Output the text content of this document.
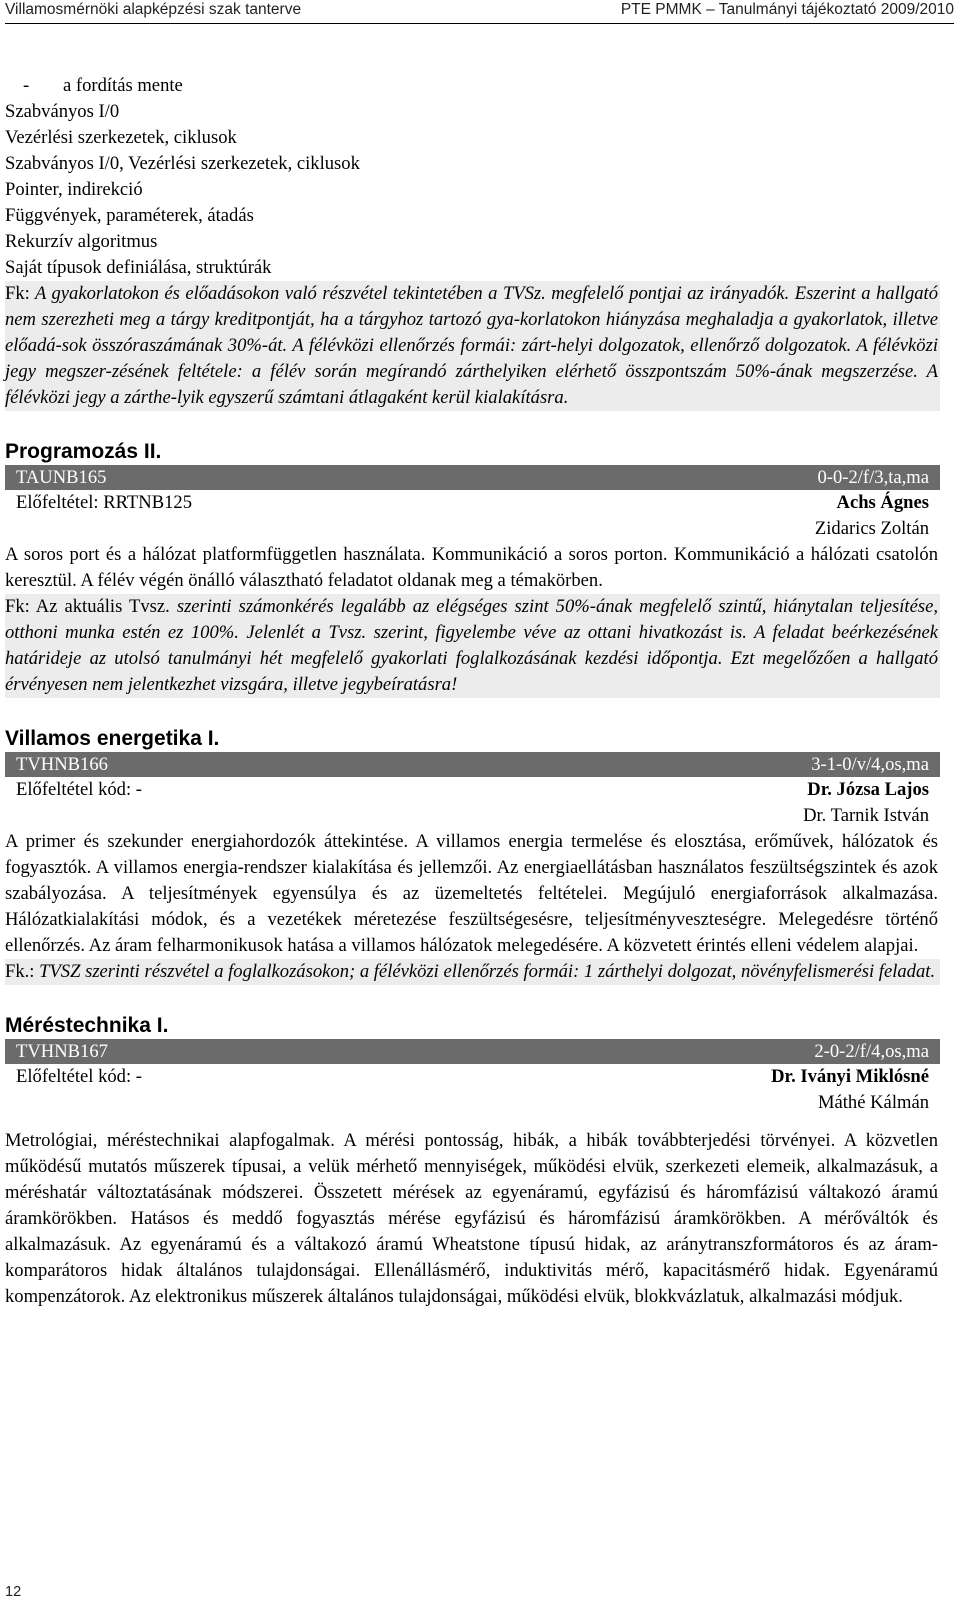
Villamosmérnöki alapképzési szak tanterve	PTE PMMK – Tanulmányi tájékoztató 2009/2010
- a fordítás mente
Szabványos I/0
Vezérlési szerkezetek, ciklusok
Szabványos I/0, Vezérlési szerkezetek, ciklusok
Pointer, indirekció
Függvények, paraméterek, átadás
Rekurzív algoritmus
Saját típusok definiálása, struktúrák
Fk: A gyakorlatokon és előadásokon való részvétel tekintetében a TVSz. megfelelő pontjai az irányadók. Eszerint a hallgató nem szerezheti meg a tárgy kreditpontját, ha a tárgyhoz tartozó gya-korlatokon hiányzása meghaladja a gyakorlatok, illetve előadá-sok összóraszámának 30%-át. A félévközi ellenőrzés formái: zárt-helyi dolgozatok, ellenőrző dolgozatok. A félévközi jegy megszer-zésének feltétele: a félév során megírandó zárthelyiken elérhető összpontszám 50%-ának megszerzése. A félévközi jegy a zárthe-lyik egyszerű számtani átlagaként kerül kialakításra.
Programozás II.
TAUNB165	0-0-2/f/3,ta,ma
Előfeltétel: RRTNB125	Achs Ágnes
Zidarics Zoltán
A soros port és a hálózat platformfüggetlen használata. Kommunikáció a soros porton. Kommunikáció a hálózati csatolón keresztül. A félév végén önálló választható feladatot oldanak meg a témakörben.
Fk: Az aktuális Tvsz. szerinti számonkérés legalább az elégséges szint 50%-ának megfelelő szintű, hiánytalan teljesítése, otthoni munka estén ez 100%. Jelenlét a Tvsz. szerint, figyelembe véve az ottani hivatkozást is. A feladat beérkezésének határideje az utolsó tanulmányi hét megfelelő gyakorlati foglalkozásának kezdési időpontja. Ezt megelőzően a hallgató érvényesen nem jelentkezhet vizsgára, illetve jegybeíratásra!
Villamos energetika I.
TVHNB166	3-1-0/v/4,os,ma
Előfeltétel kód: -	Dr. Józsa Lajos
Dr. Tarnik István
A primer és szekunder energiahordozók áttekintése. A villamos energia termelése és elosztása, erőművek, hálózatok és fogyasztók. A villamos energia-rendszer kialakítása és jellemzői. Az energiaellátásban használatos feszültségszintek és azok szabályozása. A teljesítmények egyensúlya és az üzemeltetés feltételei. Megújuló energiaforrások alkalmazása. Hálózatkialakítási módok, és a vezetékek méretezése feszültségesésre, teljesítményveszteségre. Melegedésre történő ellenőrzés. Az áram felharmonikusok hatása a villamos hálózatok melegedésére. A közvetett érintés elleni védelem alapjai.
Fk.: TVSZ szerinti részvétel a foglalkozásokon; a félévközi ellenőrzés formái: 1 zárthelyi dolgozat, növényfelismerési feladat.
Méréstechnika I.
TVHNB167	2-0-2/f/4,os,ma
Előfeltétel kód: -	Dr. Iványi Miklósné
Máthé Kálmán
Metrológiai, méréstechnikai alapfogalmak. A mérési pontosság, hibák, a hibák továbbterjedési törvényei. A közvetlen működésű mutatós műszerek típusai, a velük mérhető mennyiségek, működési elvük, szerkezeti elemeik, alkalmazásuk, a méréshatár változtatásának módszerei. Összetett mérések az egyenáramú, egyfázisú és háromfázisú váltakozó áramú áramkörökben. Hatásos és meddő fogyasztás mérése egyfázisú és háromfázisú áramkörökben. A mérőváltók és alkalmazásuk. Az egyenáramú és a váltakozó áramú Wheatstone típusú hidak, az aránytranszformátoros és az áram-komparátoros hidak általános tulajdonságai. Ellenállásmérő, induktivitás mérő, kapacitásmérő hidak. Egyenáramú kompenzátorok. Az elektronikus műszerek általános tulajdonságai, működési elvük, blokkvázlatuk, alkalmazási módjuk.
12
